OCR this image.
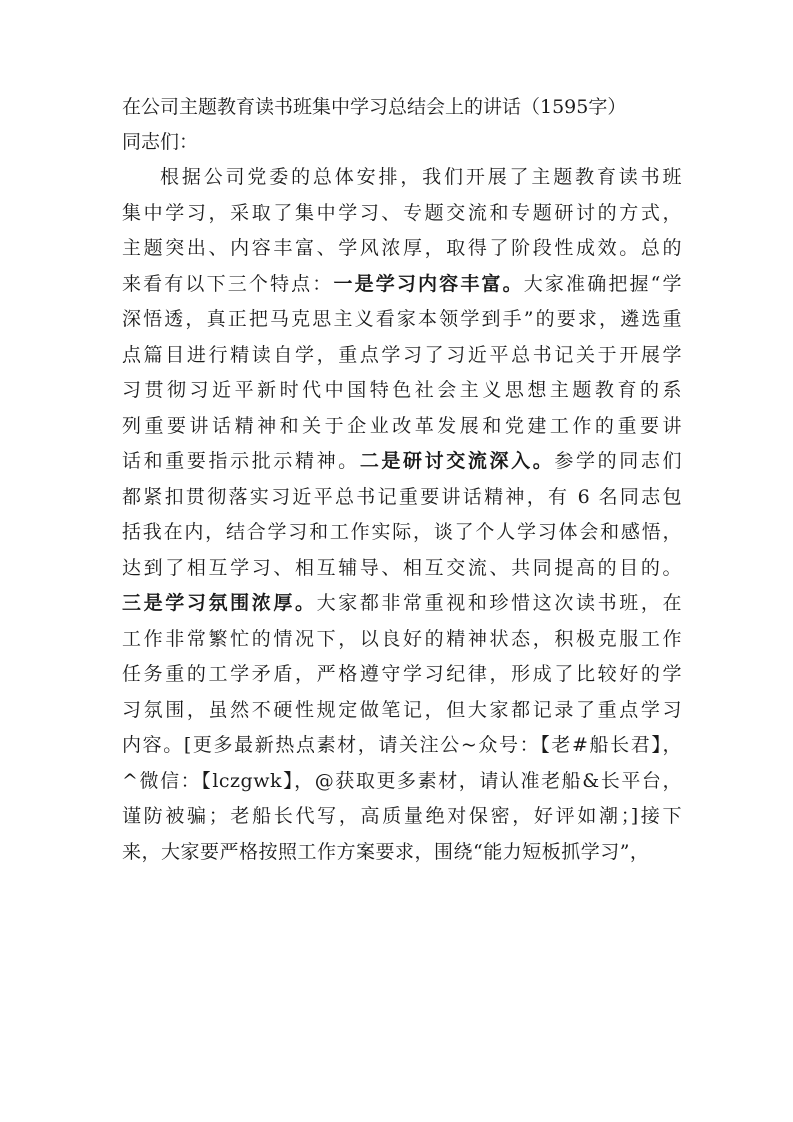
在公司主题教育读书班集中学习总结会上的讲话（1595字）

同志们：

根据公司党委的总体安排，我们开展了主题教育读书班
集中学习，采取了集中学习、专题交流和专题研讨的方式，
主题突出、内容丰富、学风浓厚，取得了阶段性成效。总的
来看有以下三个特点：一是学习内容丰富。大家准确把握“学
深悟透，真正把马克思主义看家本领学到手”的要求，遴选重
点篇目进行精读自学，重点学习了习近平总书记关于开展学
习贯彻习近平新时代中国特色社会主义思想主题教育的系
列重要讲话精神和关于企业改革发展和党建工作的重要讲
话和重要指示批示精神。二是研讨交流深入。参学的同志们
都紧扣贯彻落实习近平总书记重要讲话精神，有 6 名同志包
括我在内，结合学习和工作实际，谈了个人学习体会和感悟，
达到了相互学习、相互辅导、相互交流、共同提高的目的。
三是学习氛围浓厚。大家都非常重视和珍惜这次读书班，在
工作非常繁忙的情况下，以良好的精神状态，积极克服工作
任务重的工学矛盾，严格遵守学习纪律，形成了比较好的学
习氛围，虽然不硬性规定做笔记，但大家都记录了重点学习
内容。[更多最新热点素材，请关注公~众号：【老#船长君】，
^微信：【lczgwk】，@获取更多素材，请认准老船&长平台，
谨防被骗；老船长代写，高质量绝对保密，好评如潮；]接下
来，大家要严格按照工作方案要求，围绕“能力短板抓学习”，
